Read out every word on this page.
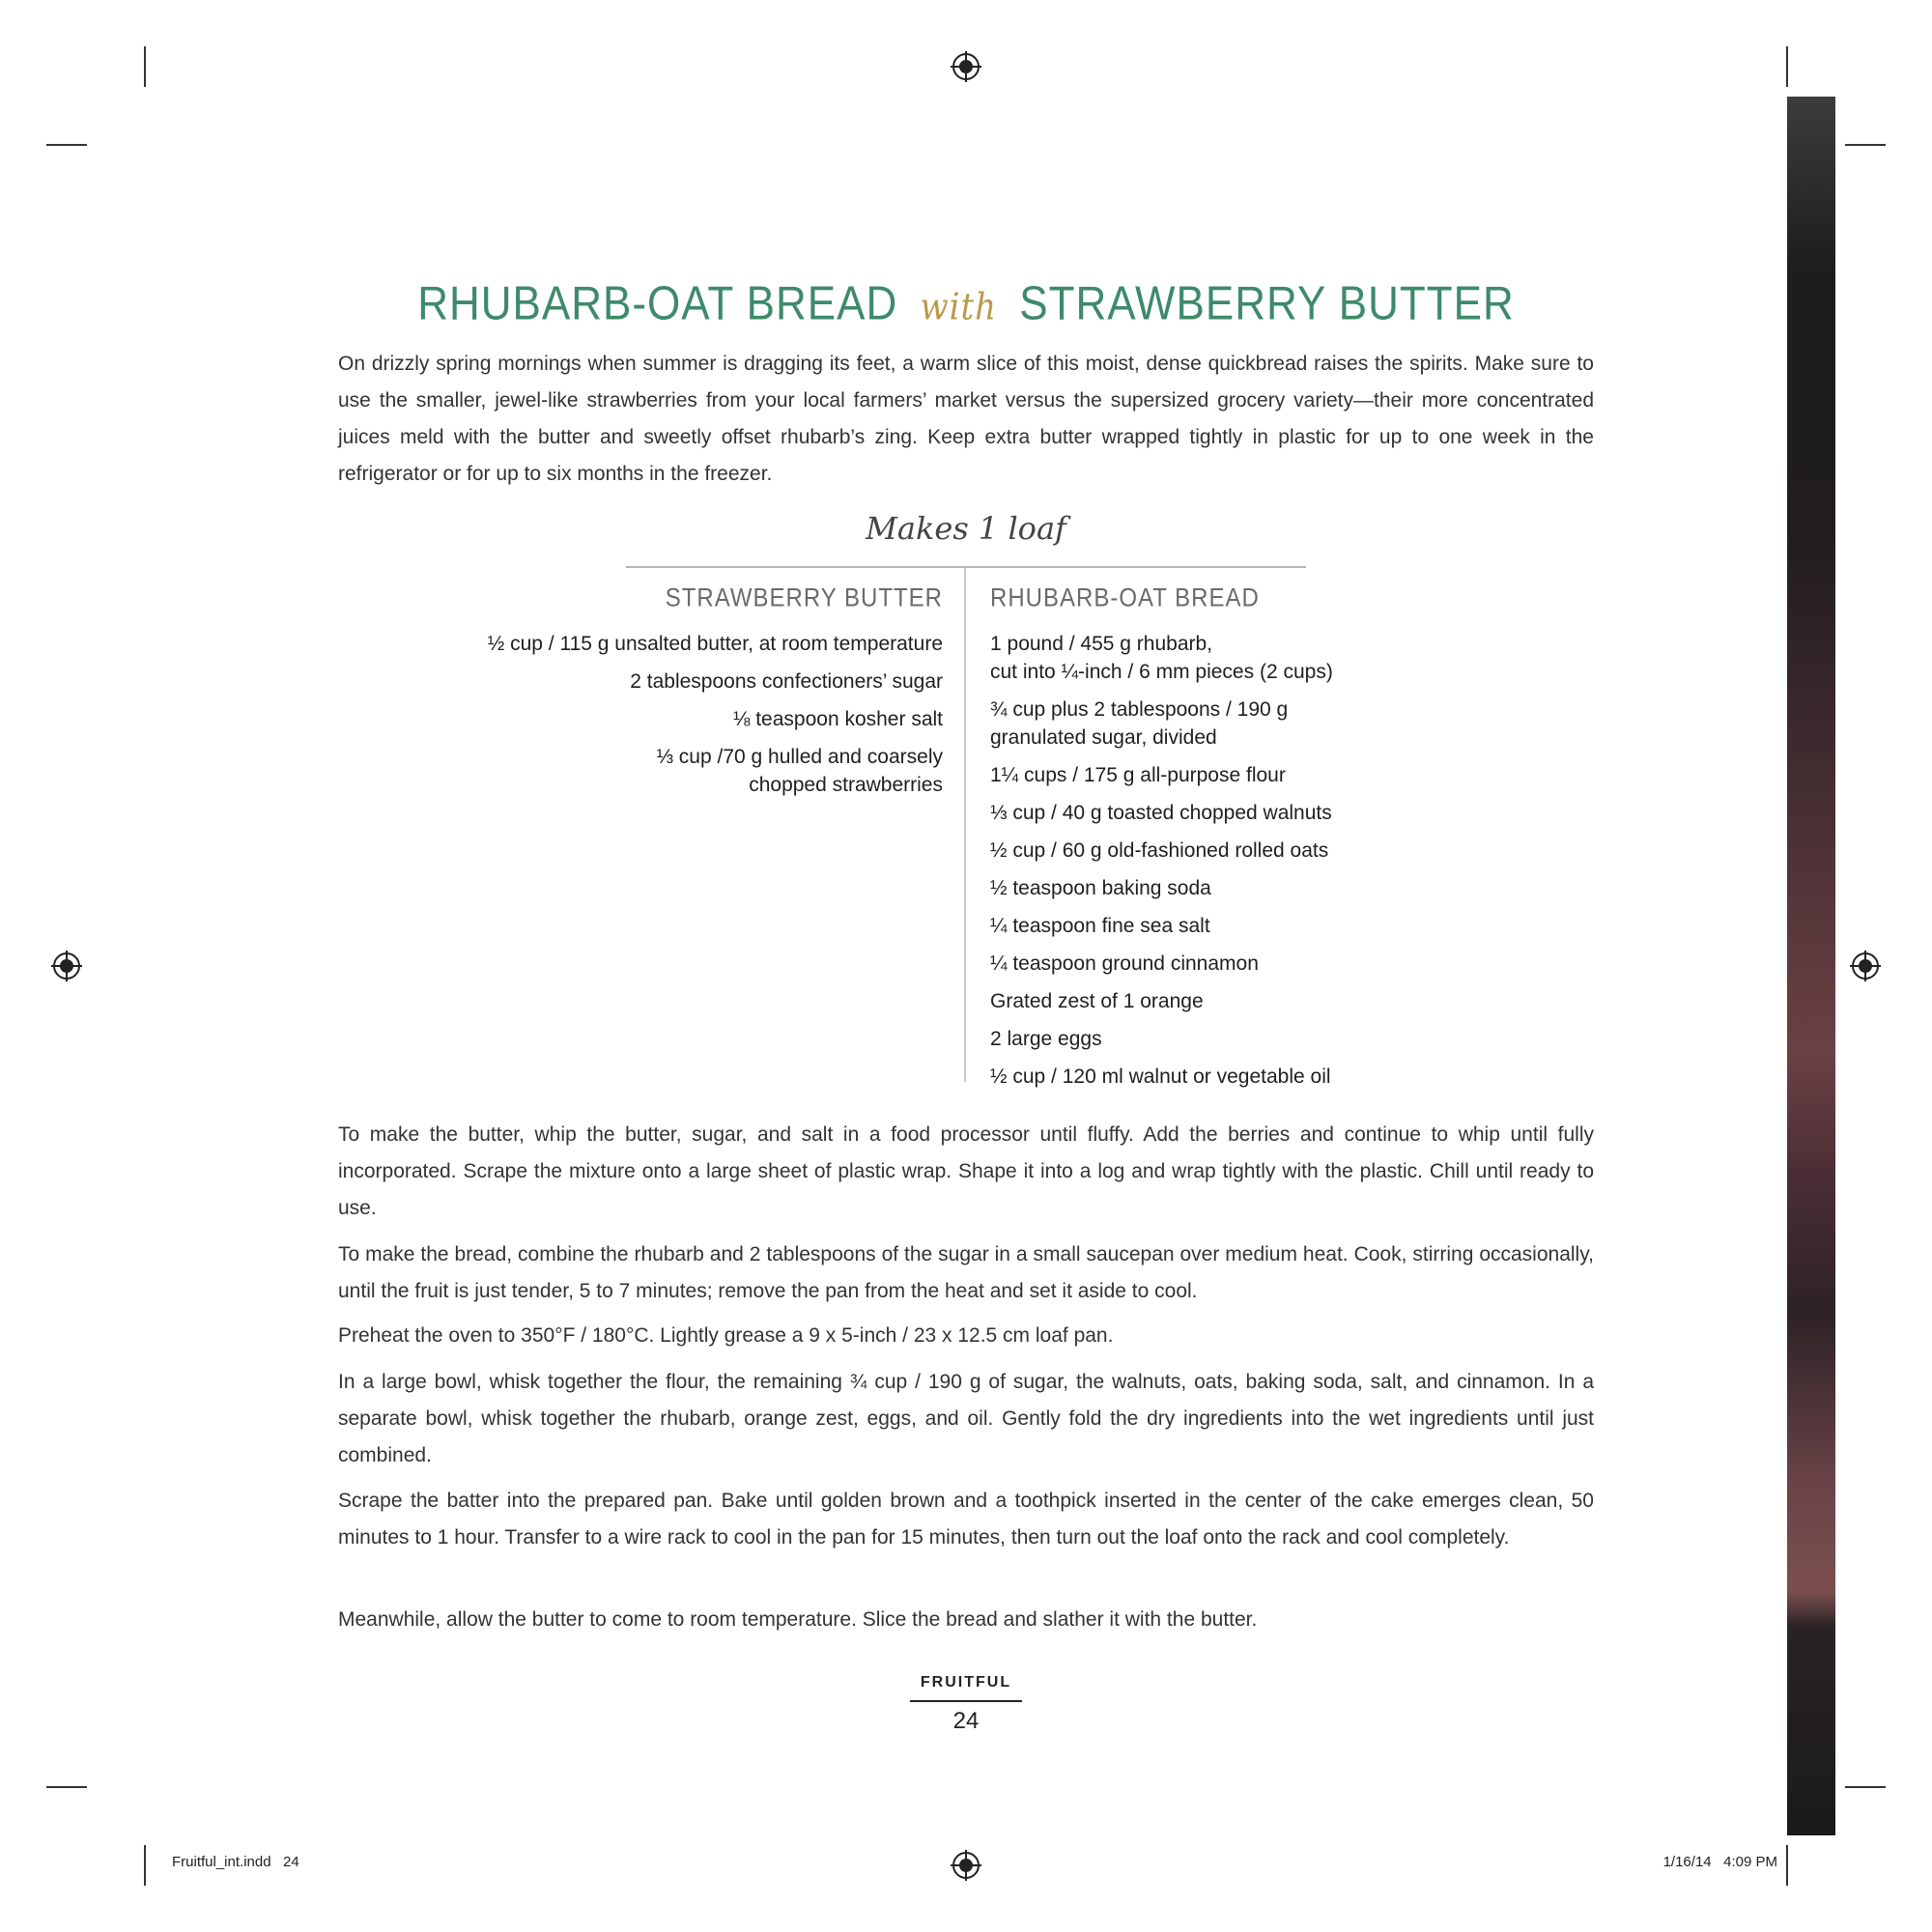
RHUBARB-OAT BREAD with STRAWBERRY BUTTER

On drizzly spring mornings when summer is dragging its feet, a warm slice of this moist, dense quickbread raises the spirits. Make sure to use the smaller, jewel-like strawberries from your local farmers’ market versus the supersized grocery variety—their more concentrated juices meld with the butter and sweetly offset rhubarb’s zing. Keep extra butter wrapped tightly in plastic for up to one week in the refrigerator or for up to six months in the freezer.

Makes 1 loaf
STRAWBERRY BUTTER
½ cup / 115 g unsalted butter, at room temperature
2 tablespoons confectioners’ sugar
⅛ teaspoon kosher salt
⅓ cup /70 g hulled and coarsely
chopped strawberries
RHUBARB-OAT BREAD
1 pound / 455 g rhubarb,
cut into ¼-inch / 6 mm pieces (2 cups)
¾ cup plus 2 tablespoons / 190 g
granulated sugar, divided
1¼ cups / 175 g all-purpose flour
⅓ cup / 40 g toasted chopped walnuts
½ cup / 60 g old-fashioned rolled oats
½ teaspoon baking soda
¼ teaspoon fine sea salt
¼ teaspoon ground cinnamon
Grated zest of 1 orange
2 large eggs
½ cup / 120 ml walnut or vegetable oil

To make the butter, whip the butter, sugar, and salt in a food processor until fluffy. Add the berries and continue to whip until fully incorporated. Scrape the mixture onto a large sheet of plastic wrap. Shape it into a log and wrap tightly with the plastic. Chill until ready to use.

To make the bread, combine the rhubarb and 2 tablespoons of the sugar in a small saucepan over medium heat. Cook, stirring occasionally, until the fruit is just tender, 5 to 7 minutes; remove the pan from the heat and set it aside to cool.

Preheat the oven to 350°F / 180°C. Lightly grease a 9 x 5-inch / 23 x 12.5 cm loaf pan.

In a large bowl, whisk together the flour, the remaining ¾ cup / 190 g of sugar, the walnuts, oats, baking soda, salt, and cinnamon. In a separate bowl, whisk together the rhubarb, orange zest, eggs, and oil. Gently fold the dry ingredients into the wet ingredients until just combined.

Scrape the batter into the prepared pan. Bake until golden brown and a toothpick inserted in the center of the cake emerges clean, 50 minutes to 1 hour. Transfer to a wire rack to cool in the pan for 15 minutes, then turn out the loaf onto the rack and cool completely.

Meanwhile, allow the butter to come to room temperature. Slice the bread and slather it with the butter.

FRUITFUL
24
Fruitful_int.indd   24	1/16/14   4:09 PM
